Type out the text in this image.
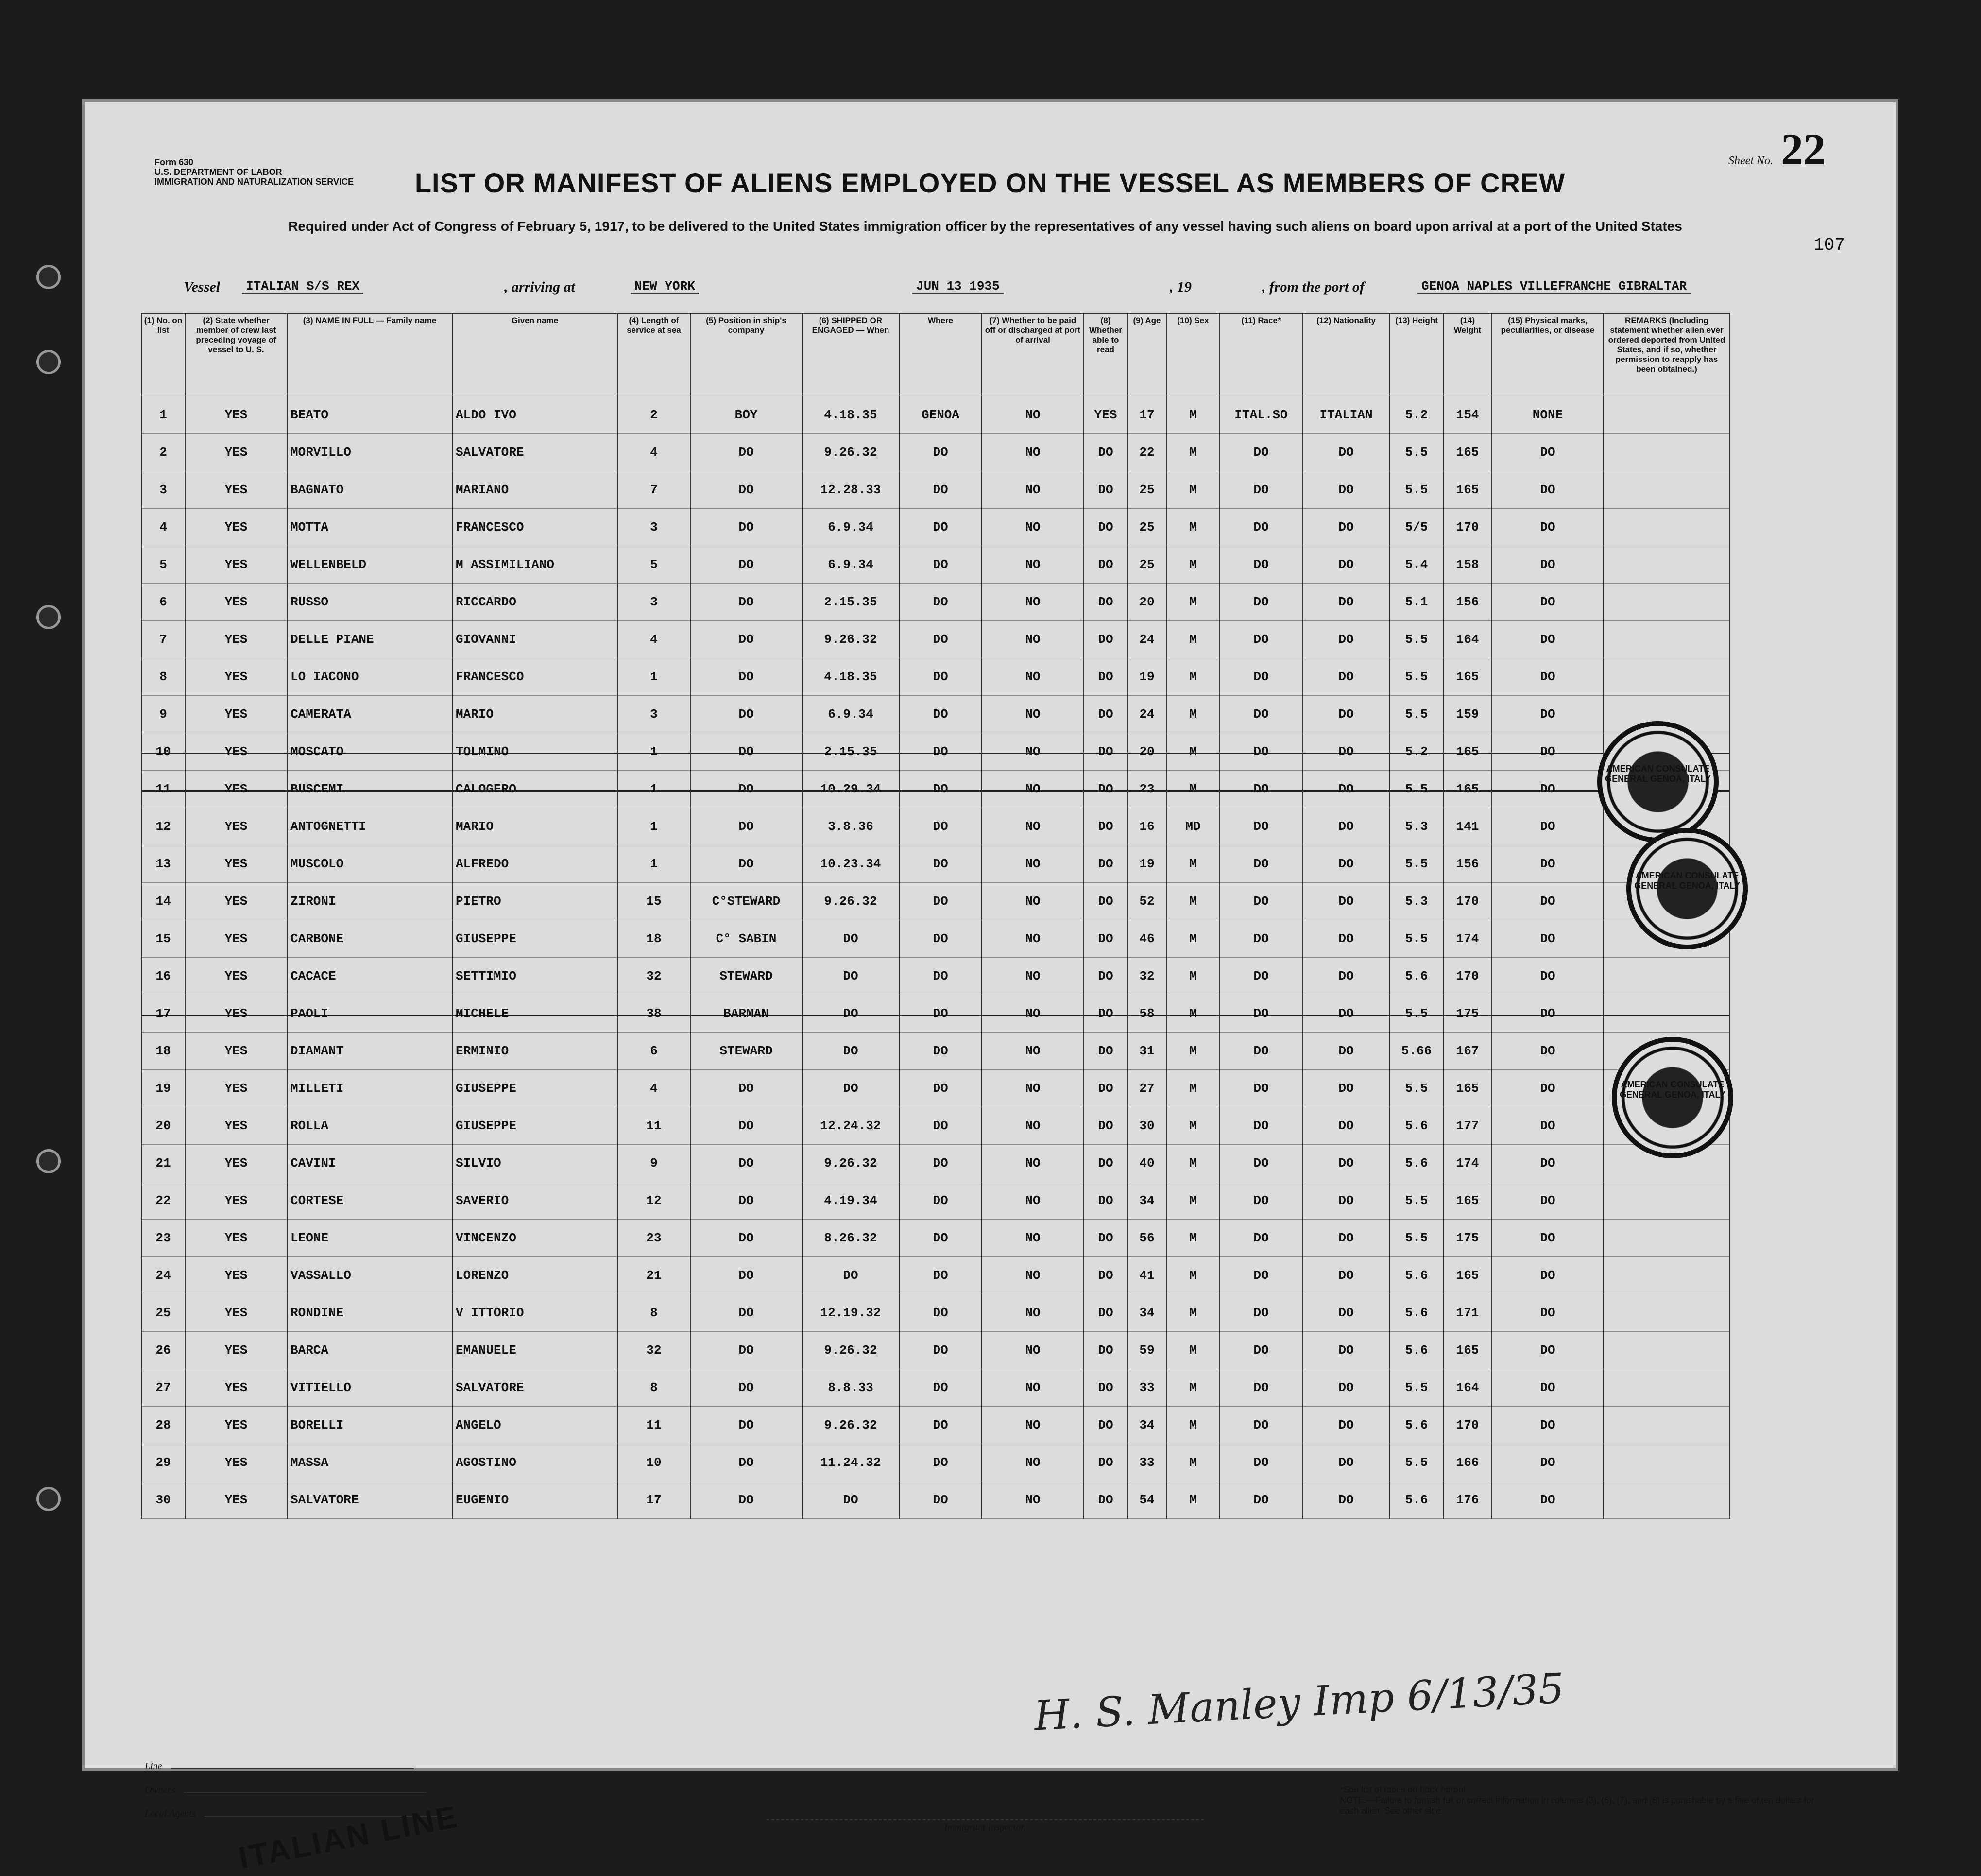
Form 630
U.S. DEPARTMENT OF LABOR
IMMIGRATION AND NATURALIZATION SERVICE
Sheet No. 22
LIST OR MANIFEST OF ALIENS EMPLOYED ON THE VESSEL AS MEMBERS OF CREW
Required under Act of Congress of February 5, 1917, to be delivered to the United States immigration officer by the representatives of any vessel having such aliens on board upon arrival at a port of the United States
107
Vessel	ITALIAN S/S REX	, arriving at	NEW YORK	JUN 13 1935	, 19	, from the port of	GENOA NAPLES VILLEFRANCHE GIBRALTAR
(1) No. on list	(2) State whether member of crew last preceding voyage of vessel to U. S.	(3) NAME IN FULL — Family name	Given name	(4) Length of service at sea	(5) Position in ship's company	(6) SHIPPED OR ENGAGED — When	Where	(7) Whether to be paid off or discharged at port of arrival	(8) Whether able to read	(9) Age	(10) Sex	(11) Race*	(12) Nationality	(13) Height	(14) Weight	(15) Physical marks, peculiarities, or disease	REMARKS (Including statement whether alien ever ordered deported from United States, and if so, whether permission to reapply has been obtained.)
1	YES	BEATO	ALDO IVO	2	BOY	4.18.35	GENOA	NO	YES	17	M	ITAL.SO	ITALIAN	5.2	154	NONE	
2	YES	MORVILLO	SALVATORE	4	DO	9.26.32	DO	NO	DO	22	M	DO	DO	5.5	165	DO	
3	YES	BAGNATO	MARIANO	7	DO	12.28.33	DO	NO	DO	25	M	DO	DO	5.5	165	DO	
4	YES	MOTTA	FRANCESCO	3	DO	6.9.34	DO	NO	DO	25	M	DO	DO	5/5	170	DO	
5	YES	WELLENBELD	M ASSIMILIANO	5	DO	6.9.34	DO	NO	DO	25	M	DO	DO	5.4	158	DO	
6	YES	RUSSO	RICCARDO	3	DO	2.15.35	DO	NO	DO	20	M	DO	DO	5.1	156	DO	
7	YES	DELLE PIANE	GIOVANNI	4	DO	9.26.32	DO	NO	DO	24	M	DO	DO	5.5	164	DO	
8	YES	LO IACONO	FRANCESCO	1	DO	4.18.35	DO	NO	DO	19	M	DO	DO	5.5	165	DO	
9	YES	CAMERATA	MARIO	3	DO	6.9.34	DO	NO	DO	24	M	DO	DO	5.5	159	DO	
10	YES	MOSCATO	TOLMINO	1	DO	2.15.35	DO	NO	DO	20	M	DO	DO	5.2	165	DO	
11	YES	BUSCEMI	CALOGERO	1	DO	10.29.34	DO	NO	DO	23	M	DO	DO	5.5	165	DO	
12	YES	ANTOGNETTI	MARIO	1	DO	3.8.36	DO	NO	DO	16	MD	DO	DO	5.3	141	DO	
13	YES	MUSCOLO	ALFREDO	1	DO	10.23.34	DO	NO	DO	19	M	DO	DO	5.5	156	DO	
14	YES	ZIRONI	PIETRO	15	C°STEWARD	9.26.32	DO	NO	DO	52	M	DO	DO	5.3	170	DO	
15	YES	CARBONE	GIUSEPPE	18	C° SABIN	DO	DO	NO	DO	46	M	DO	DO	5.5	174	DO	
16	YES	CACACE	SETTIMIO	32	STEWARD	DO	DO	NO	DO	32	M	DO	DO	5.6	170	DO	
17	YES	PAOLI	MICHELE	38	BARMAN	DO	DO	NO	DO	58	M	DO	DO	5.5	175	DO	
18	YES	DIAMANT	ERMINIO	6	STEWARD	DO	DO	NO	DO	31	M	DO	DO	5.66	167	DO	
19	YES	MILLETI	GIUSEPPE	4	DO	DO	DO	NO	DO	27	M	DO	DO	5.5	165	DO	
20	YES	ROLLA	GIUSEPPE	11	DO	12.24.32	DO	NO	DO	30	M	DO	DO	5.6	177	DO	
21	YES	CAVINI	SILVIO	9	DO	9.26.32	DO	NO	DO	40	M	DO	DO	5.6	174	DO	
22	YES	CORTESE	SAVERIO	12	DO	4.19.34	DO	NO	DO	34	M	DO	DO	5.5	165	DO	
23	YES	LEONE	VINCENZO	23	DO	8.26.32	DO	NO	DO	56	M	DO	DO	5.5	175	DO	
24	YES	VASSALLO	LORENZO	21	DO	DO	DO	NO	DO	41	M	DO	DO	5.6	165	DO	
25	YES	RONDINE	V ITTORIO	8	DO	12.19.32	DO	NO	DO	34	M	DO	DO	5.6	171	DO	
26	YES	BARCA	EMANUELE	32	DO	9.26.32	DO	NO	DO	59	M	DO	DO	5.6	165	DO	
27	YES	VITIELLO	SALVATORE	8	DO	8.8.33	DO	NO	DO	33	M	DO	DO	5.5	164	DO	
28	YES	BORELLI	ANGELO	11	DO	9.26.32	DO	NO	DO	34	M	DO	DO	5.6	170	DO	
29	YES	MASSA	AGOSTINO	10	DO	11.24.32	DO	NO	DO	33	M	DO	DO	5.5	166	DO	
30	YES	SALVATORE	EUGENIO	17	DO	DO	DO	NO	DO	54	M	DO	DO	5.6	176	DO	
AMERICAN CONSULATE GENERAL GENOA, ITALY
AMERICAN CONSULATE GENERAL GENOA, ITALY
AMERICAN CONSULATE GENERAL GENOA, ITALY
H. S. Manley Imp 6/13/35
Line
Owners
Local Agents	ITALIAN LINE	Immigrant Inspector.
*See list of races on back hereof.
NOTE.—Failure to furnish full or correct information in columns (3), (6), (7), and (8) is punishable by a fine of ten dollars for each alien. See other side.
